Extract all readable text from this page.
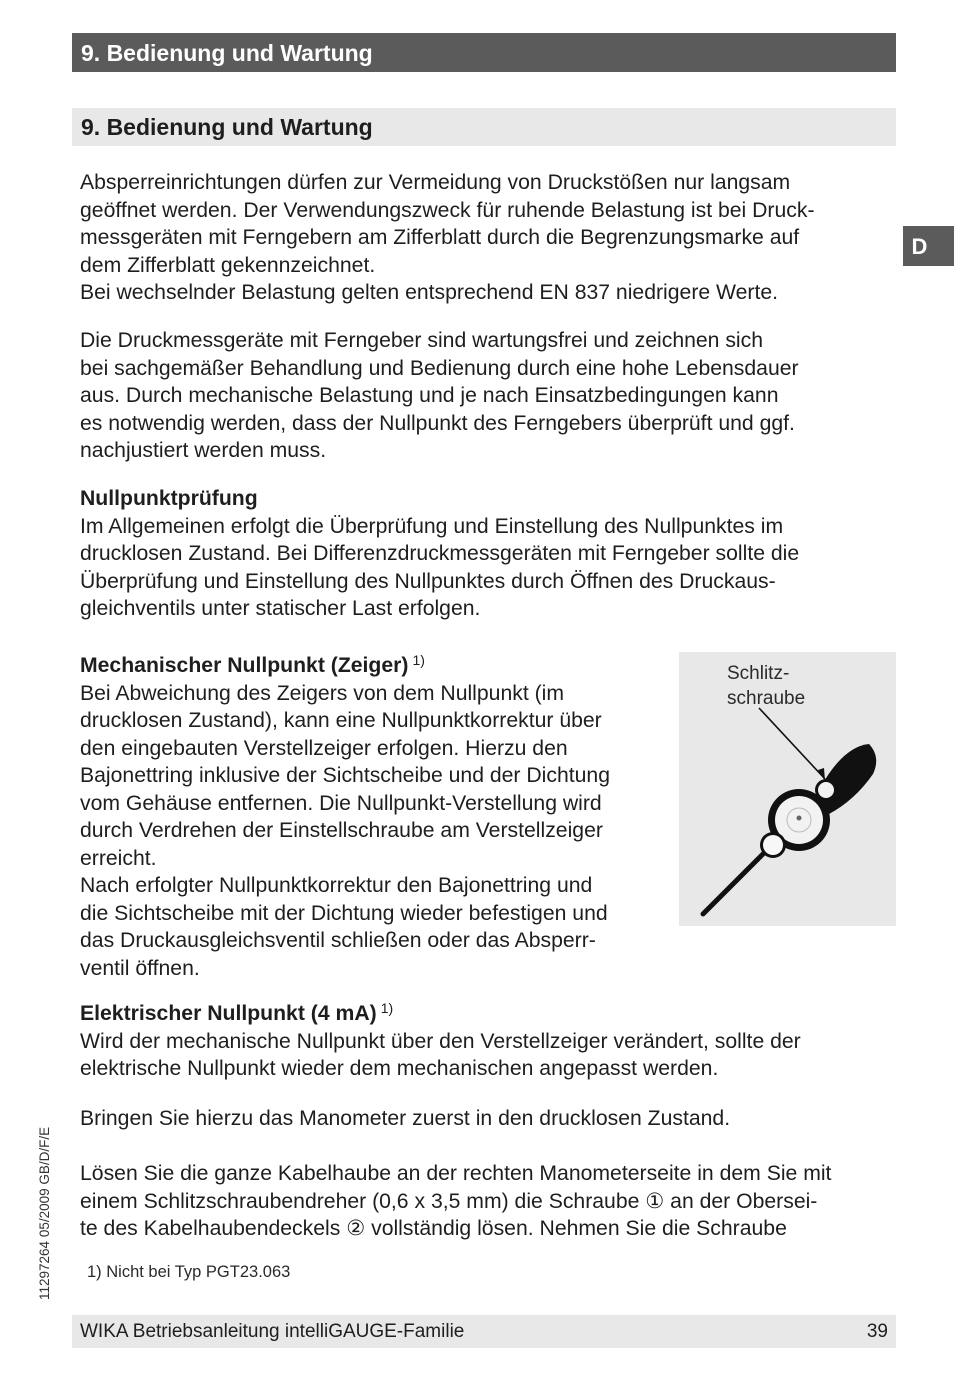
9. Bedienung und Wartung
9. Bedienung und Wartung
D
Absperreinrichtungen dürfen zur Vermeidung von Druckstößen nur langsam
geöffnet werden. Der Verwendungszweck für ruhende Belastung ist bei Druck-
messgeräten mit Ferngebern am Zifferblatt durch die Begrenzungsmarke auf
dem Zifferblatt gekennzeichnet.
Bei wechselnder Belastung gelten entsprechend EN 837 niedrigere Werte.
Die Druckmessgeräte mit Ferngeber sind wartungsfrei und zeichnen sich
bei sachgemäßer Behandlung und Bedienung durch eine hohe Lebensdauer
aus. Durch mechanische Belastung und je nach Einsatzbedingungen kann
es notwendig werden, dass der Nullpunkt des Ferngebers überprüft und ggf.
nachjustiert werden muss.
Nullpunktprüfung
Im Allgemeinen erfolgt die Überprüfung und Einstellung des Nullpunktes im
drucklosen Zustand. Bei Differenzdruckmessgeräten mit Ferngeber sollte die
Überprüfung und Einstellung des Nullpunktes durch Öffnen des Druckaus-
gleichventils unter statischer Last erfolgen.
Mechanischer Nullpunkt (Zeiger) $^{1)}$
Bei Abweichung des Zeigers von dem Nullpunkt (im
drucklosen Zustand), kann eine Nullpunktkorrektur über
den eingebauten Verstellzeiger erfolgen. Hierzu den
Bajonettring inklusive der Sichtscheibe und der Dichtung
vom Gehäuse entfernen. Die Nullpunkt-Verstellung wird
durch Verdrehen der Einstellschraube am Verstellzeiger
erreicht.
Nach erfolgter Nullpunktkorrektur den Bajonettring und
die Sichtscheibe mit der Dichtung wieder befestigen und
das Druckausgleichsventil schließen oder das Absperr-
ventil öffnen.
Schlitz-
schraube
Elektrischer Nullpunkt (4 mA) $^{1)}$
Wird der mechanische Nullpunkt über den Verstellzeiger verändert, sollte der
elektrische Nullpunkt wieder dem mechanischen angepasst werden.
Bringen Sie hierzu das Manometer zuerst in den drucklosen Zustand.
Lösen Sie die ganze Kabelhaube an der rechten Manometerseite in dem Sie mit
einem Schlitzschraubendreher (0,6 x 3,5 mm) die Schraube ① an der Obersei-
te des Kabelhaubendeckels ② vollständig lösen. Nehmen Sie die Schraube
11297264 05/2009 GB/D/F/E 1) Nicht bei Typ PGT23.063
WIKA Betriebsanleitung intelliGAUGE-Familie	39
